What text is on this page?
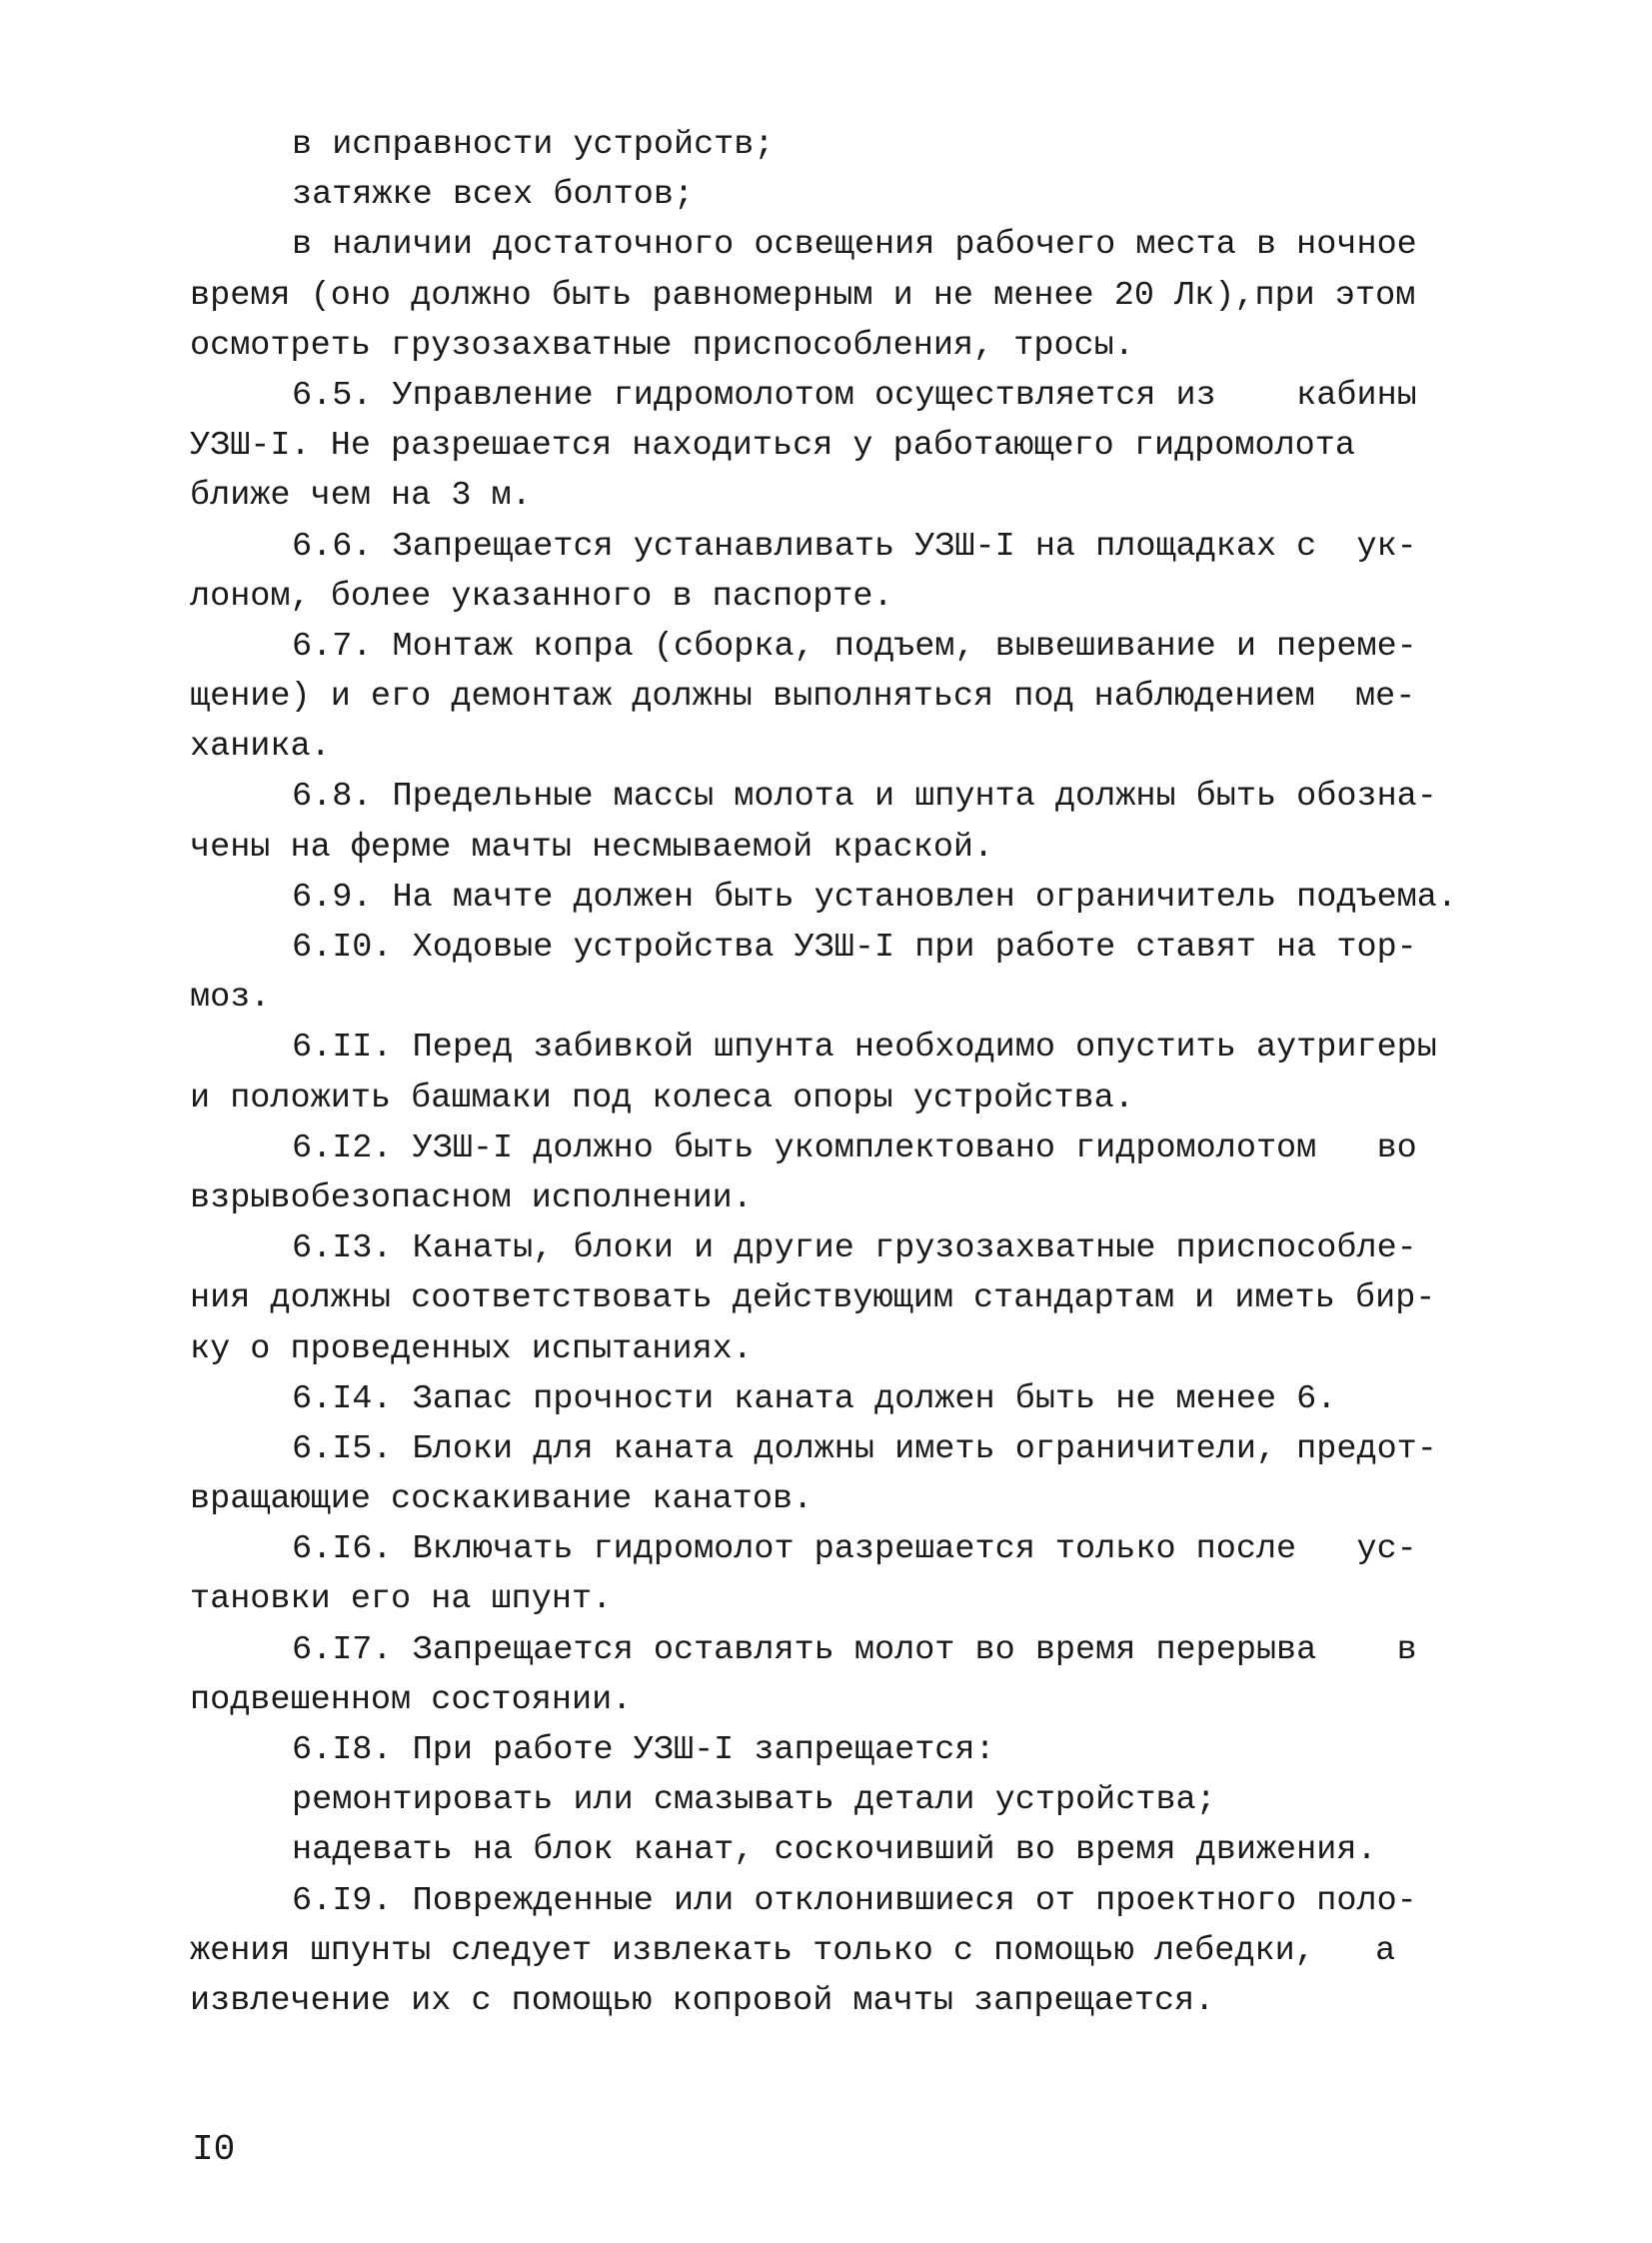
в исправности устройств;
затяжке всех болтов;
в наличии достаточного освещения рабочего места в ночное
время (оно должно быть равномерным и не менее 20 Лк),при этом
осмотреть грузозахватные приспособления, тросы.
6.5. Управление гидромолотом осуществляется из    кабины
УЗШ-I. Не разрешается находиться у работающего гидромолота
ближе чем на 3 м.
6.6. Запрещается устанавливать УЗШ-I на площадках с  ук-
лоном, более указанного в паспорте.
6.7. Монтаж копра (сборка, подъем, вывешивание и переме-
щение) и его демонтаж должны выполняться под наблюдением  ме-
ханика.
6.8. Предельные массы молота и шпунта должны быть обозна-
чены на ферме мачты несмываемой краской.
6.9. На мачте должен быть установлен ограничитель подъема.
6.I0. Ходовые устройства УЗШ-I при работе ставят на тор-
моз.
6.II. Перед забивкой шпунта необходимо опустить аутригеры
и положить башмаки под колеса опоры устройства.
6.I2. УЗШ-I должно быть укомплектовано гидромолотом   во
взрывобезопасном исполнении.
6.I3. Канаты, блоки и другие грузозахватные приспособле-
ния должны соответствовать действующим стандартам и иметь бир-
ку о проведенных испытаниях.
6.I4. Запас прочности каната должен быть не менее 6.
6.I5. Блоки для каната должны иметь ограничители, предот-
вращающие соскакивание канатов.
6.I6. Включать гидромолот разрешается только после   ус-
тановки его на шпунт.
6.I7. Запрещается оставлять молот во время перерыва    в
подвешенном состоянии.
6.I8. При работе УЗШ-I запрещается:
ремонтировать или смазывать детали устройства;
надевать на блок канат, соскочивший во время движения.
6.I9. Поврежденные или отклонившиеся от проектного поло-
жения шпунты следует извлекать только с помощью лебедки,   а
извлечение их с помощью копровой мачты запрещается.
I0
